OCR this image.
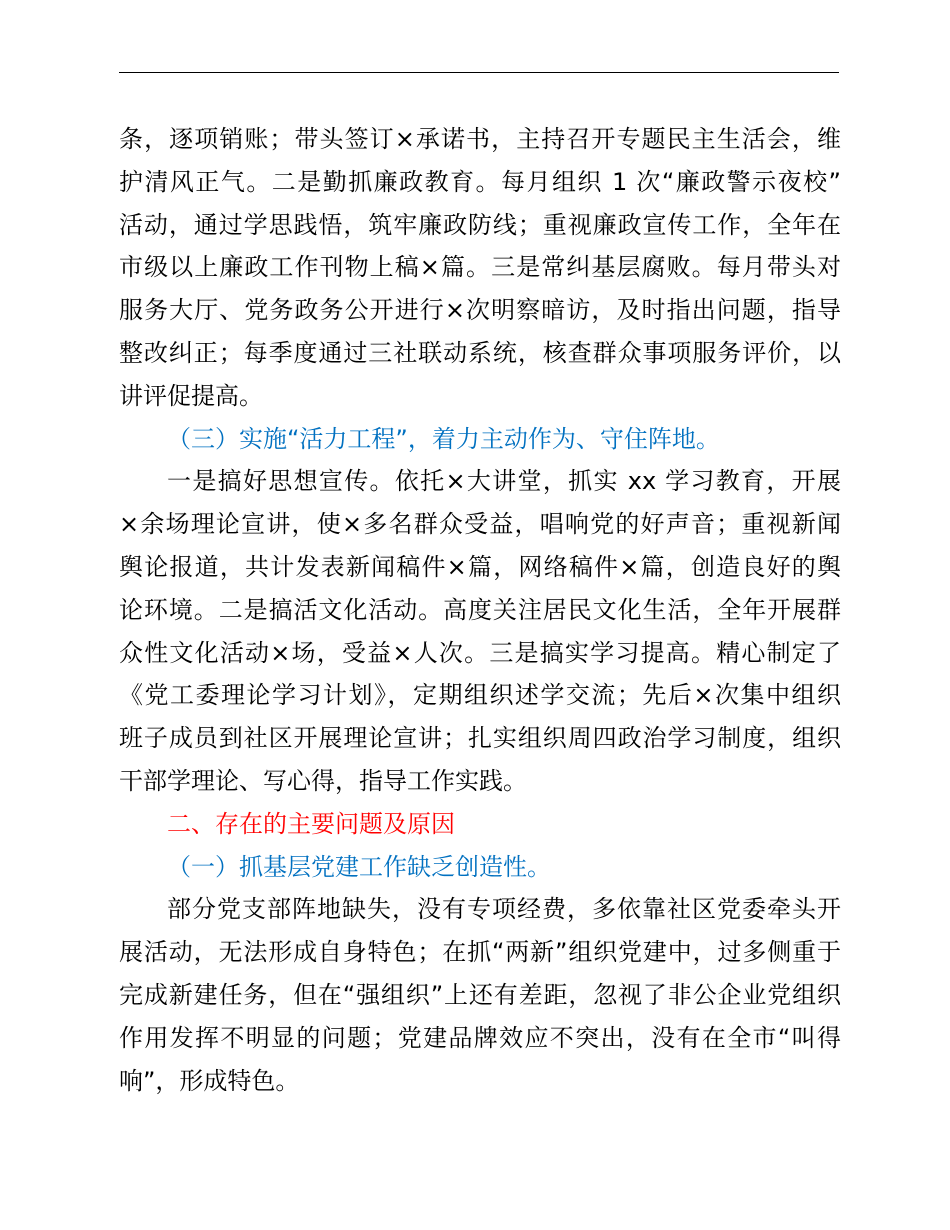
条，逐项销账；带头签订×承诺书，主持召开专题民主生活会，维
护清风正气。二是勤抓廉政教育。每月组织 1 次“廉政警示夜校”
活动，通过学思践悟，筑牢廉政防线；重视廉政宣传工作，全年在
市级以上廉政工作刊物上稿×篇。三是常纠基层腐败。每月带头对
服务大厅、党务政务公开进行×次明察暗访，及时指出问题，指导
整改纠正；每季度通过三社联动系统，核查群众事项服务评价，以
讲评促提高。
（三）实施“活力工程”，着力主动作为、守住阵地。
一是搞好思想宣传。依托×大讲堂，抓实 xx 学习教育，开展
×余场理论宣讲，使×多名群众受益，唱响党的好声音；重视新闻
舆论报道，共计发表新闻稿件×篇，网络稿件×篇，创造良好的舆
论环境。二是搞活文化活动。高度关注居民文化生活，全年开展群
众性文化活动×场，受益×人次。三是搞实学习提高。精心制定了
《党工委理论学习计划》，定期组织述学交流；先后×次集中组织
班子成员到社区开展理论宣讲；扎实组织周四政治学习制度，组织
干部学理论、写心得，指导工作实践。
二、存在的主要问题及原因
（一）抓基层党建工作缺乏创造性。
部分党支部阵地缺失，没有专项经费，多依靠社区党委牵头开
展活动，无法形成自身特色；在抓“两新”组织党建中，过多侧重于
完成新建任务，但在“强组织”上还有差距，忽视了非公企业党组织
作用发挥不明显的问题；党建品牌效应不突出，没有在全市“叫得
响”，形成特色。
